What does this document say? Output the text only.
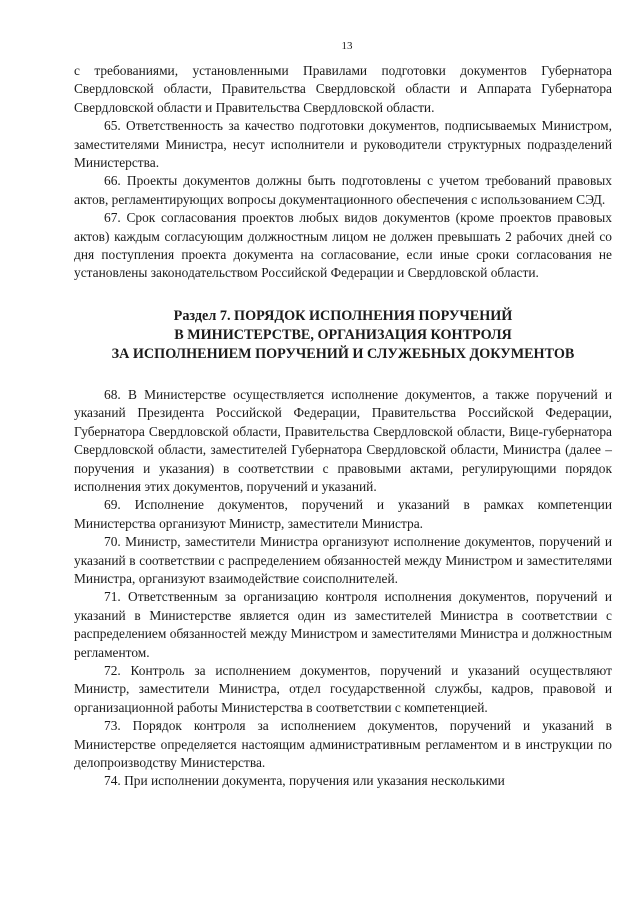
13

с требованиями, установленными Правилами подготовки документов Губернатора Свердловской области, Правительства Свердловской области и Аппарата Губернатора Свердловской области и Правительства Свердловской области.

65. Ответственность за качество подготовки документов, подписываемых Министром, заместителями Министра, несут исполнители и руководители структурных подразделений Министерства.

66. Проекты документов должны быть подготовлены с учетом требований правовых актов, регламентирующих вопросы документационного обеспечения с использованием СЭД.

67. Срок согласования проектов любых видов документов (кроме проектов правовых актов) каждым согласующим должностным лицом не должен превышать 2 рабочих дней со дня поступления проекта документа на согласование, если иные сроки согласования не установлены законодательством Российской Федерации и Свердловской области.

Раздел 7. ПОРЯДОК ИСПОЛНЕНИЯ ПОРУЧЕНИЙ
В МИНИСТЕРСТВЕ, ОРГАНИЗАЦИЯ КОНТРОЛЯ
ЗА ИСПОЛНЕНИЕМ ПОРУЧЕНИЙ И СЛУЖЕБНЫХ ДОКУМЕНТОВ

68. В Министерстве осуществляется исполнение документов, а также поручений и указаний Президента Российской Федерации, Правительства Российской Федерации, Губернатора Свердловской области, Правительства Свердловской области, Вице-губернатора Свердловской области, заместителей Губернатора Свердловской области, Министра (далее – поручения и указания) в соответствии с правовыми актами, регулирующими порядок исполнения этих документов, поручений и указаний.

69. Исполнение документов, поручений и указаний в рамках компетенции Министерства организуют Министр, заместители Министра.

70. Министр, заместители Министра организуют исполнение документов, поручений и указаний в соответствии с распределением обязанностей между Министром и заместителями Министра, организуют взаимодействие соисполнителей.

71. Ответственным за организацию контроля исполнения документов, поручений и указаний в Министерстве является один из заместителей Министра в соответствии с распределением обязанностей между Министром и заместителями Министра и должностным регламентом.

72. Контроль за исполнением документов, поручений и указаний осуществляют Министр, заместители Министра, отдел государственной службы, кадров, правовой и организационной работы Министерства в соответствии с компетенцией.

73. Порядок контроля за исполнением документов, поручений и указаний в Министерстве определяется настоящим административным регламентом и в инструкции по делопроизводству Министерства.

74. При исполнении документа, поручения или указания несколькими
